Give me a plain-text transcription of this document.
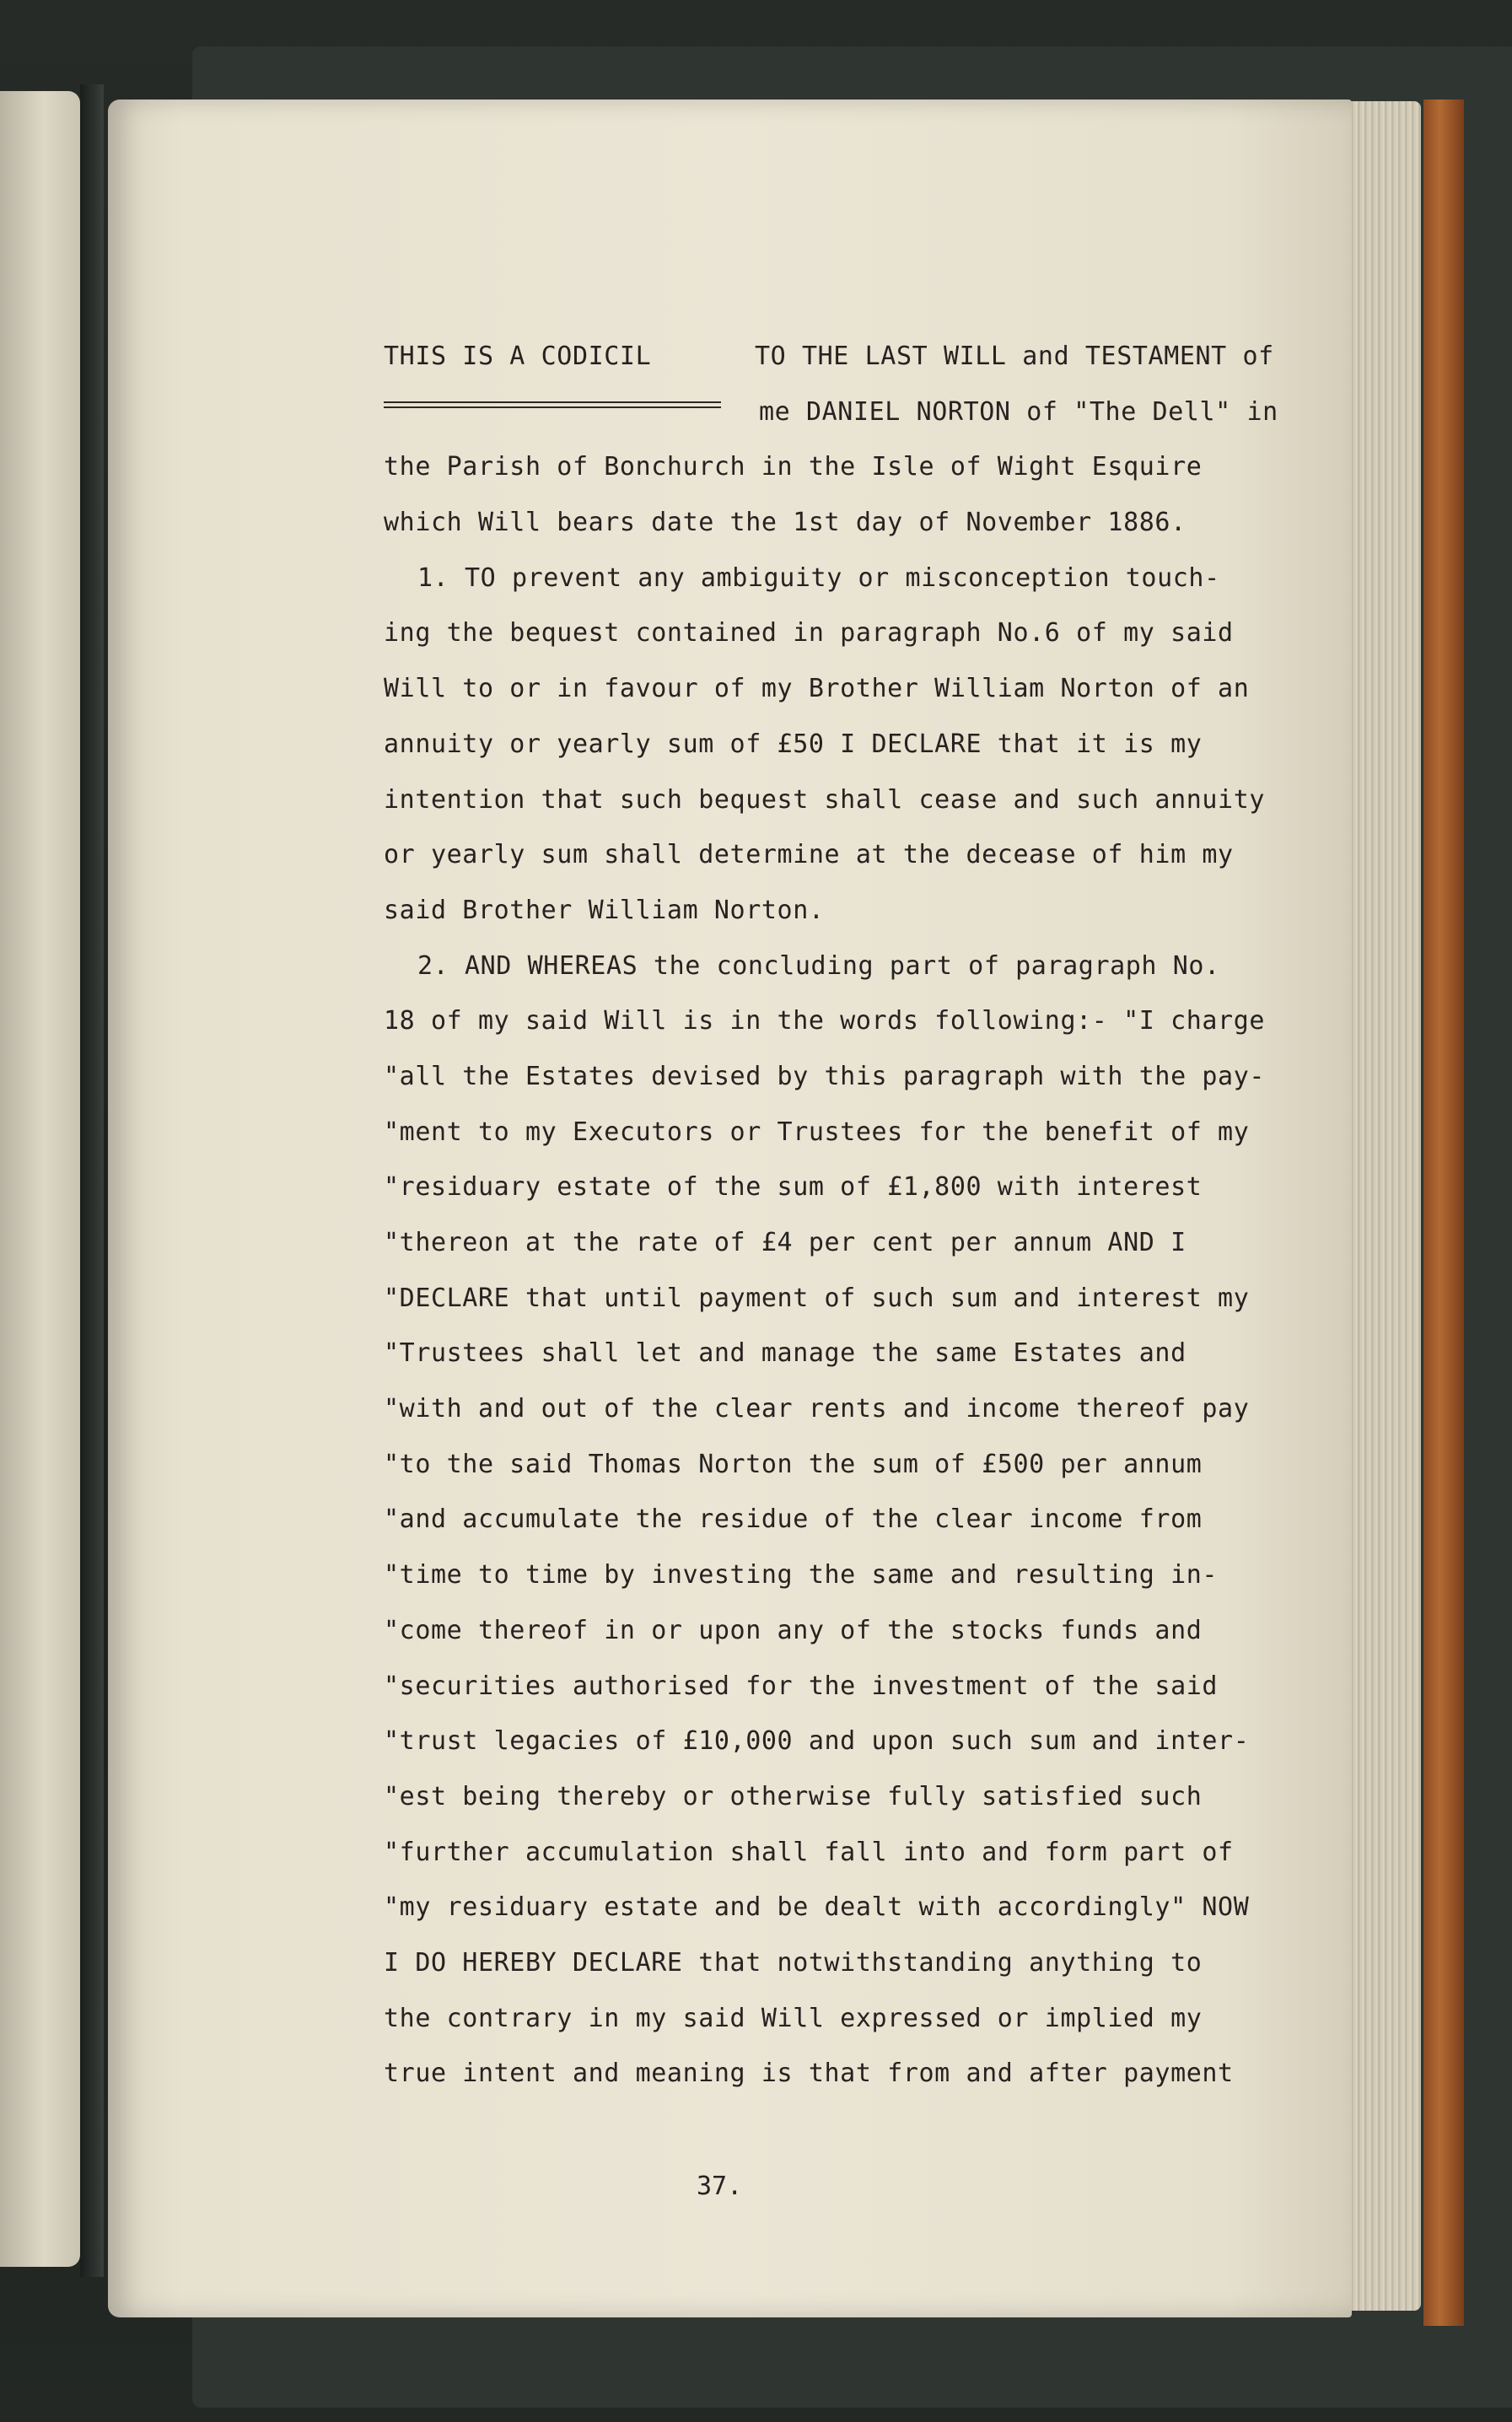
THIS IS A CODICIL	TO THE LAST WILL and TESTAMENT of
me DANIEL NORTON of "The Dell" in
the Parish of Bonchurch in the Isle of Wight Esquire
which Will bears date the 1st day of November 1886.
1. TO prevent any ambiguity or misconception touch-
ing the bequest contained in paragraph No.6 of my said
Will to or in favour of my Brother William Norton of an
annuity or yearly sum of £50 I DECLARE that it is my
intention that such bequest shall cease and such annuity
or yearly sum shall determine at the decease of him my
said Brother William Norton.
2. AND WHEREAS the concluding part of paragraph No.
18 of my said Will is in the words following:- "I charge
"all the Estates devised by this paragraph with the pay-
"ment to my Executors or Trustees for the benefit of my
"residuary estate of the sum of £1,800 with interest
"thereon at the rate of £4 per cent per annum AND I
"DECLARE that until payment of such sum and interest my
"Trustees shall let and manage the same Estates and
"with and out of the clear rents and income thereof pay
"to the said Thomas Norton the sum of £500 per annum
"and accumulate the residue of the clear income from
"time to time by investing the same and resulting in-
"come thereof in or upon any of the stocks funds and
"securities authorised for the investment of the said
"trust legacies of £10,000 and upon such sum and inter-
"est being thereby or otherwise fully satisfied such
"further accumulation shall fall into and form part of
"my residuary estate and be dealt with accordingly" NOW
I DO HEREBY DECLARE that notwithstanding anything to
the contrary in my said Will expressed or implied my
true intent and meaning is that from and after payment
37.
